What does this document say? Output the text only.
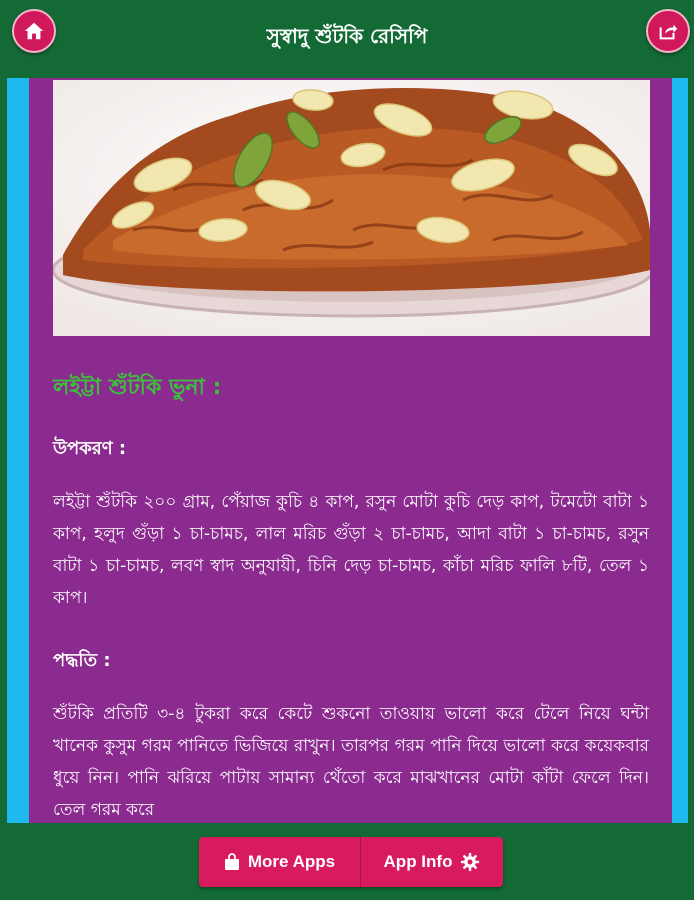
সুস্বাদু শুঁটকি রেসিপি
লইট্টা শুঁটকি ভুনা :
উপকরণ :
লইট্টা শুঁটকি ২০০ গ্রাম, পেঁয়াজ কুচি ৪ কাপ, রসুন মোটা কুচি দেড় কাপ, টমেটো বাটা ১ কাপ, হলুদ গুঁড়া ১ চা-চামচ, লাল মরিচ গুঁড়া ২ চা-চামচ, আদা বাটা ১ চা-চামচ, রসুন বাটা ১ চা-চামচ, লবণ স্বাদ অনুযায়ী, চিনি দেড় চা-চামচ, কাঁচা মরিচ ফালি ৮টি, তেল ১ কাপ।
পদ্ধতি :
শুঁটকি প্রতিটি ৩-৪ টুকরা করে কেটে শুকনো তাওয়ায় ভালো করে টেলে নিয়ে ঘন্টা খানেক কুসুম গরম পানিতে ভিজিয়ে রাখুন। তারপর গরম পানি দিয়ে ভালো করে কয়েকবার ধুয়ে নিন। পানি ঝরিয়ে পাটায় সামান্য থেঁতো করে মাঝখানের মোটা কাঁটা ফেলে দিন। তেল গরম করে
More Apps	App Info
